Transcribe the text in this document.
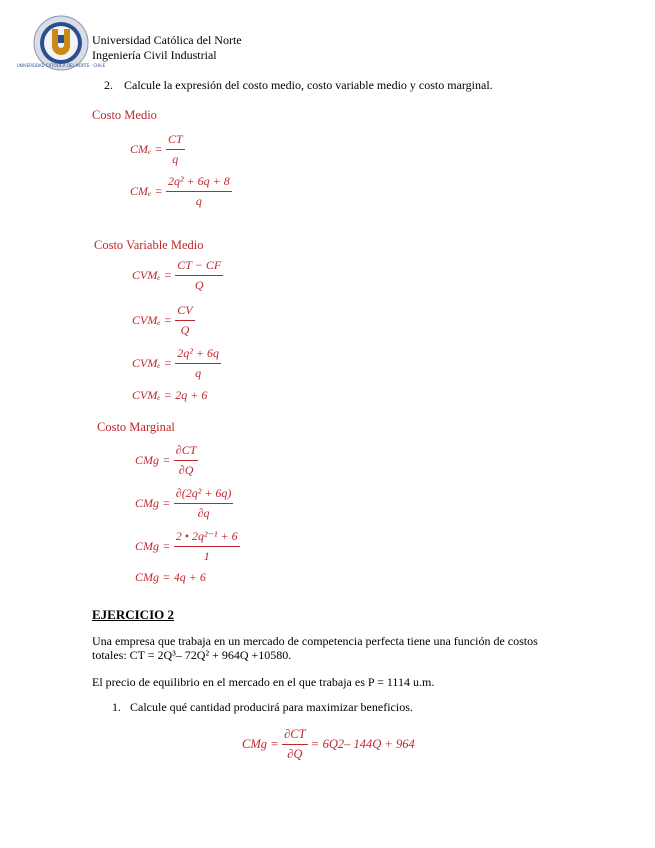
UNIVERSIDAD CATÓLICA DEL NORTE · CHILE
Universidad Católica del Norte
Ingeniería Civil Industrial
2. Calcule la expresión del costo medio, costo variable medio y costo marginal.
Costo Medio
$CM_e = \frac{CT}{q}$
$CM_e = \frac{\text{2q² + 6q + 8}}{q}$
Costo Variable Medio
$CVM_e = \frac{CT - CF}{Q}$
$CVM_e = \frac{CV}{Q}$
$CVM_e = \frac{\text{2q² + 6q}}{q}$
CVMₑ = 2q + 6
Costo Marginal
CMg = $\frac{\partial CT}{\partial Q}$
CMg = $\frac{\text{∂(2q² + 6q)}}{\partial q}$
CMg = $\frac{\text{2 • 2q²⁻¹ + 6}}{1}$
CMg = 4q + 6
EJERCICIO 2
Una empresa que trabaja en un mercado de competencia perfecta tiene una función de costos
totales: CT = 2Q³– 72Q² + 964Q +10580.
El precio de equilibrio en el mercado en el que trabaja es P = 1114 u.m.
1. Calcule qué cantidad producirá para maximizar beneficios.
CMg = $\frac{\partial CT}{\partial Q} = 6Q2-$ 144Q + 964
